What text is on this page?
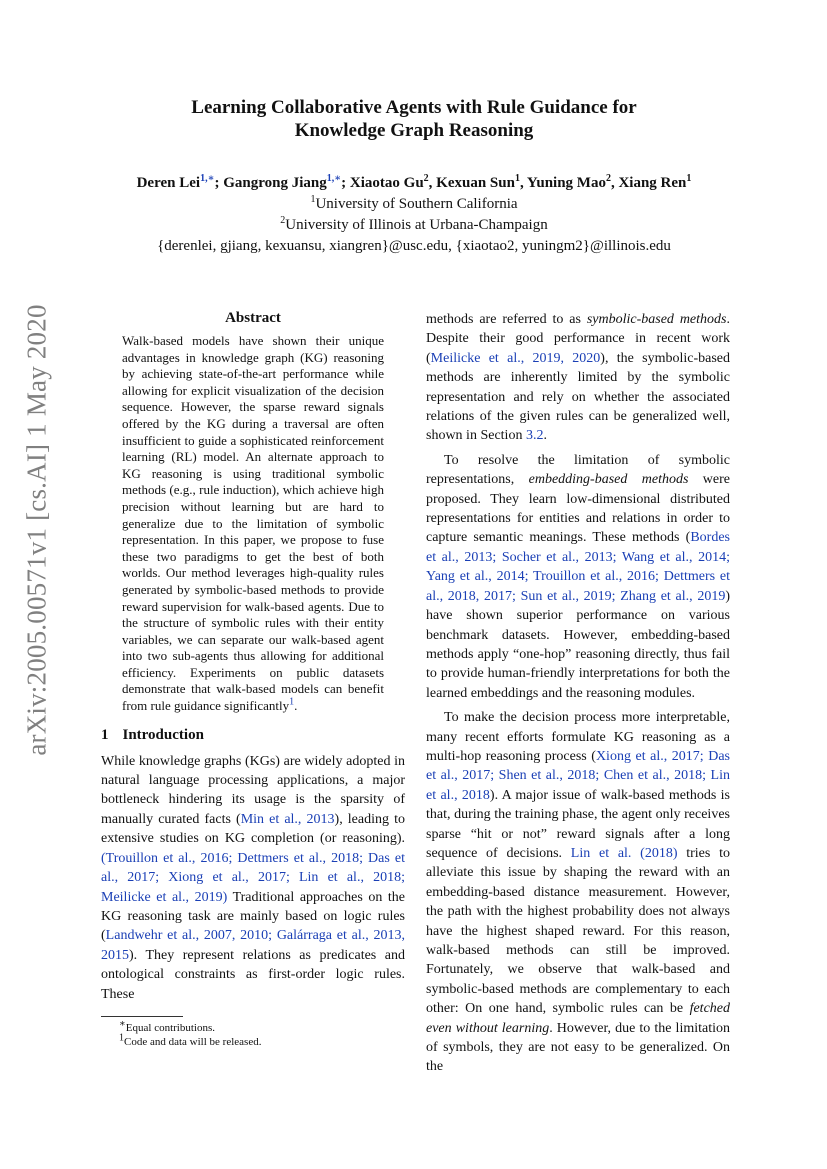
arXiv:2005.00571v1 [cs.AI] 1 May 2020
Learning Collaborative Agents with Rule Guidance for
Knowledge Graph Reasoning
Deren Lei$^{1,∗}$; Gangrong Jiang$^{1,∗}$; Xiaotao Gu$^2$, Kexuan Sun$^1$, Yuning Mao$^2$, Xiang Ren$^1$
$^1$University of Southern California
$^2$University of Illinois at Urbana-Champaign
{derenlei, gjiang, kexuansu, xiangren}@usc.edu, {xiaotao2, yuningm2}@illinois.edu
Abstract
Walk-based models have shown their unique advantages in knowledge graph (KG) reasoning by achieving state-of-the-art performance while allowing for explicit visualization of the decision sequence. However, the sparse reward signals offered by the KG during a traversal are often insufficient to guide a sophisticated reinforcement learning (RL) model. An alternate approach to KG reasoning is using traditional symbolic methods (e.g., rule induction), which achieve high precision without learning but are hard to generalize due to the limitation of symbolic representation. In this paper, we propose to fuse these two paradigms to get the best of both worlds. Our method leverages high-quality rules generated by symbolic-based methods to provide reward supervision for walk-based agents. Due to the structure of symbolic rules with their entity variables, we can separate our walk-based agent into two sub-agents thus allowing for additional efficiency. Experiments on public datasets demonstrate that walk-based models can benefit from rule guidance significantly$^1$.
1 Introduction

While knowledge graphs (KGs) are widely adopted in natural language processing applications, a major bottleneck hindering its usage is the sparsity of manually curated facts (Min et al., 2013), leading to extensive studies on KG completion (or reasoning). (Trouillon et al., 2016; Dettmers et al., 2018; Das et al., 2017; Xiong et al., 2017; Lin et al., 2018; Meilicke et al., 2019) Traditional approaches on the KG reasoning task are mainly based on logic rules (Landwehr et al., 2007, 2010; Galárraga et al., 2013, 2015). They represent relations as predicates and ontological constraints as first-order logic rules. These

∗Equal contributions.
$^1$Code and data will be released.

methods are referred to as symbolic-based methods. Despite their good performance in recent work (Meilicke et al., 2019, 2020), the symbolic-based methods are inherently limited by the symbolic representation and rely on whether the associated relations of the given rules can be generalized well, shown in Section 3.2.

To resolve the limitation of symbolic representations, embedding-based methods were proposed. They learn low-dimensional distributed representations for entities and relations in order to capture semantic meanings. These methods (Bordes et al., 2013; Socher et al., 2013; Wang et al., 2014; Yang et al., 2014; Trouillon et al., 2016; Dettmers et al., 2018, 2017; Sun et al., 2019; Zhang et al., 2019) have shown superior performance on various benchmark datasets. However, embedding-based methods apply “one-hop” reasoning directly, thus fail to provide human-friendly interpretations for both the learned embeddings and the reasoning modules.

To make the decision process more interpretable, many recent efforts formulate KG reasoning as a multi-hop reasoning process (Xiong et al., 2017; Das et al., 2017; Shen et al., 2018; Chen et al., 2018; Lin et al., 2018). A major issue of walk-based methods is that, during the training phase, the agent only receives sparse “hit or not” reward signals after a long sequence of decisions. Lin et al. (2018) tries to alleviate this issue by shaping the reward with an embedding-based distance measurement. However, the path with the highest probability does not always have the highest shaped reward. For this reason, walk-based methods can still be improved. Fortunately, we observe that walk-based and symbolic-based methods are complementary to each other: On one hand, symbolic rules can be fetched even without learning. However, due to the limitation of symbols, they are not easy to be generalized. On the
